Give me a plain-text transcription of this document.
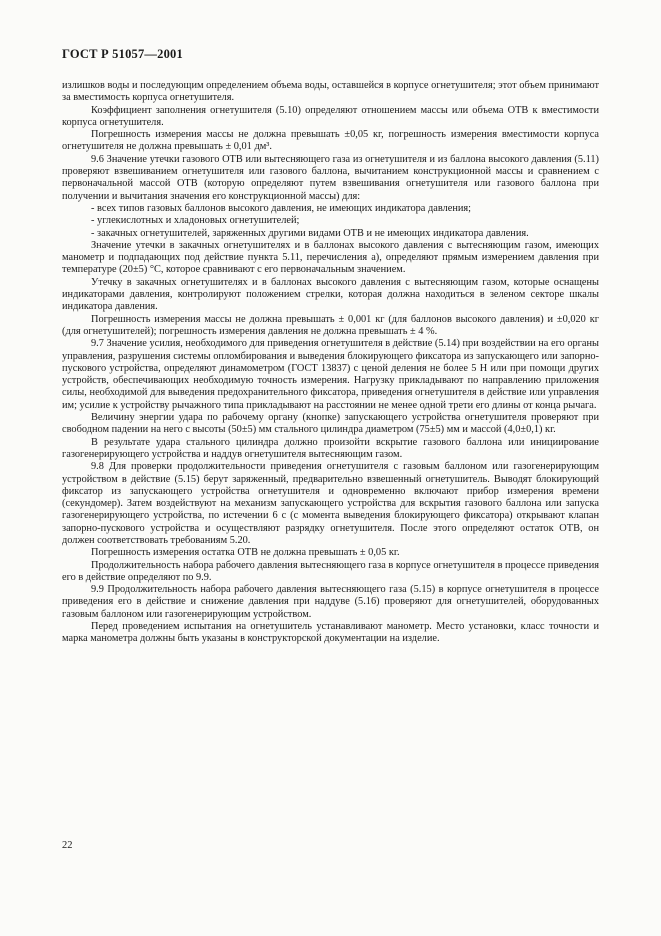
ГОСТ Р 51057—2001

излишков воды и последующим определением объема воды, оставшейся в корпусе огнетушителя; этот объем принимают за вместимость корпуса огнетушителя.

Коэффициент заполнения огнетушителя (5.10) определяют отношением массы или объема ОТВ к вместимости корпуса огнетушителя.

Погрешность измерения массы не должна превышать ±0,05 кг, погрешность измерения вместимости корпуса огнетушителя не должна превышать ± 0,01 дм³.

9.6 Значение утечки газового ОТВ или вытесняющего газа из огнетушителя и из баллона высокого давления (5.11) проверяют взвешиванием огнетушителя или газового баллона, вычитанием конструкционной массы и сравнением с первоначальной массой ОТВ (которую определяют путем взвешивания огнетушителя или газового баллона при получении и вычитания значения его конструкционной массы) для:

- всех типов газовых баллонов высокого давления, не имеющих индикатора давления;

- углекислотных и хладоновых огнетушителей;

- закачных огнетушителей, заряженных другими видами ОТВ и не имеющих индикатора давления.

Значение утечки в закачных огнетушителях и в баллонах высокого давления с вытесняющим газом, имеющих манометр и подпадающих под действие пункта 5.11, перечисления а), определяют прямым измерением давления при температуре (20±5) °С, которое сравнивают с его первоначальным значением.

Утечку в закачных огнетушителях и в баллонах высокого давления с вытесняющим газом, которые оснащены индикаторами давления, контролируют положением стрелки, которая должна находиться в зеленом секторе шкалы индикатора давления.

Погрешность измерения массы не должна превышать ± 0,001 кг (для баллонов высокого давления) и ±0,020 кг (для огнетушителей); погрешность измерения давления не должна превышать ± 4 %.

9.7 Значение усилия, необходимого для приведения огнетушителя в действие (5.14) при воздействии на его органы управления, разрушения системы опломбирования и выведения блокирующего фиксатора из запускающего или запорно-пускового устройства, определяют динамометром (ГОСТ 13837) с ценой деления не более 5 Н или при помощи других устройств, обеспечивающих необходимую точность измерения. Нагрузку прикладывают по направлению приложения силы, необходимой для выведения предохранительного фиксатора, приведения огнетушителя в действие или управления им; усилие к устройству рычажного типа прикладывают на расстоянии не менее одной трети его длины от конца рычага.

Величину энергии удара по рабочему органу (кнопке) запускающего устройства огнетушителя проверяют при свободном падении на него с высоты (50±5) мм стального цилиндра диаметром (75±5) мм и массой (4,0±0,1) кг.

В результате удара стального цилиндра должно произойти вскрытие газового баллона или инициирование газогенерирующего устройства и наддув огнетушителя вытесняющим газом.

9.8 Для проверки продолжительности приведения огнетушителя с газовым баллоном или газогенерирующим устройством в действие (5.15) берут заряженный, предварительно взвешенный огнетушитель. Выводят блокирующий фиксатор из запускающего устройства огнетушителя и одновременно включают прибор измерения времени (секундомер). Затем воздействуют на механизм запускающего устройства для вскрытия газового баллона или запуска газогенерирующего устройства, по истечении 6 с (с момента выведения блокирующего фиксатора) открывают клапан запорно-пускового устройства и осуществляют разрядку огнетушителя. После этого определяют остаток ОТВ, он должен соответствовать требованиям 5.20.

Погрешность измерения остатка ОТВ не должна превышать ± 0,05 кг.

Продолжительность набора рабочего давления вытесняющего газа в корпусе огнетушителя в процессе приведения его в действие определяют по 9.9.

9.9 Продолжительность набора рабочего давления вытесняющего газа (5.15) в корпусе огнетушителя в процессе приведения его в действие и снижение давления при наддуве (5.16) проверяют для огнетушителей, оборудованных газовым баллоном или газогенерирующим устройством.

Перед проведением испытания на огнетушитель устанавливают манометр. Место установки, класс точности и марка манометра должны быть указаны в конструкторской документации на изделие.

22
